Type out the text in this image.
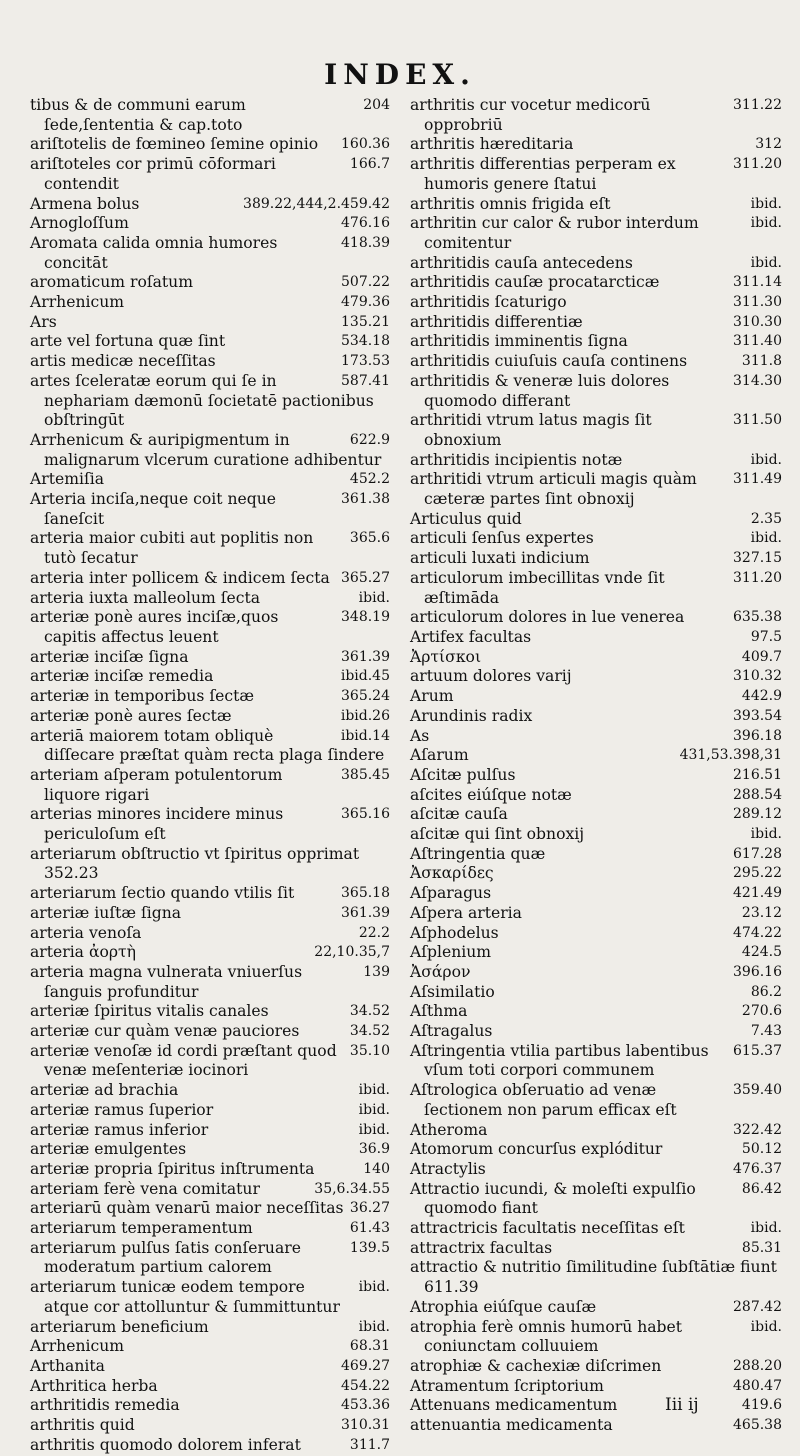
INDEX.
204
tibus & de communi earum ſede,ſententia & cap.toto
160.36
ariſtotelis de fœmineo ſemine opinio
166.7
ariſtoteles cor primū cōformari contendit
389.22,444,2.459.42
Armena bolus
476.16
Arnogloſſum
418.39
Aromata calida omnia humores concitāt
507.22
aromaticum roſatum
479.36
Arrhenicum
135.21
Ars
534.18
arte vel fortuna quæ ſint
173.53
artis medicæ neceſſitas
587.41
artes ſceleratæ eorum qui ſe in nephariam dæmonū ſocietatē pactionibus obſtringūt
622.9
Arrhenicum & auripigmentum in malignarum vlcerum curatione adhibentur
452.2
Artemiſia
361.38
Arteria inciſa,neque coit neque ſaneſcit
365.6
arteria maior cubiti aut poplitis non tutò ſecatur
365.27
arteria inter pollicem & indicem ſecta
ibid.
arteria iuxta malleolum ſecta
348.19
arteriæ ponè aures inciſæ,quos capitis affectus leuent
361.39
arteriæ inciſæ ſigna
ibid.45
arteriæ inciſæ remedia
365.24
arteriæ in temporibus ſectæ
ibid.26
arteriæ ponè aures ſectæ
ibid.14
arteriā maiorem totam obliquè diſſecare præſtat quàm recta plaga ſindere
385.45
arteriam aſperam potulentorum liquore rigari
365.16
arterias minores incidere minus periculoſum eſt
arteriarum obſtructio vt ſpiritus opprimat 352.23
365.18
arteriarum ſectio quando vtilis ſit
361.39
arteriæ iuſtæ ſigna
22.2
arteria venoſa
22,10.35,7
arteria ἀορτὴ
139
arteria magna vulnerata vniuerſus ſanguis profunditur
34.52
arteriæ ſpiritus vitalis canales
34.52
arteriæ cur quàm venæ pauciores
35.10
arteriæ venoſæ id cordi præſtant quod venæ meſenteriæ iocinori
ibid.
arteriæ ad brachia
ibid.
arteriæ ramus ſuperior
ibid.
arteriæ ramus inferior
36.9
arteriæ emulgentes
140
arteriæ propria ſpiritus inſtrumenta
35,6.34.55
arteriam ferè vena comitatur
36.27
arteriarū quàm venarū maior neceſſitas
61.43
arteriarum temperamentum
139.5
arteriarum pulſus ſatis conſeruare moderatum partium calorem
ibid.
arteriarum tunicæ eodem tempore atque cor attolluntur & ſummittuntur
ibid.
arteriarum beneficium
68.31
Arrhenicum
469.27
Arthanita
454.22
Arthritica herba
453.36
arthritidis remedia
310.31
arthritis quid
311.7
arthritis quomodo dolorem inferat
311.22
arthritis cur vocetur medicorū opprobriū
312
arthritis hæreditaria
311.20
arthritis differentias perperam ex humoris genere ſtatui
ibid.
arthritis omnis frigida eſt
ibid.
arthritin cur calor & rubor interdum comitentur
ibid.
arthritidis cauſa antecedens
311.14
arthritidis cauſæ procatarcticæ
311.30
arthritidis ſcaturigo
310.30
arthritidis differentiæ
311.40
arthritidis imminentis ſigna
311.8
arthritidis cuiuſuis cauſa continens
314.30
arthritidis & veneræ luis dolores quomodo differant
311.50
arthritidi vtrum latus magis ſit obnoxium
ibid.
arthritidis incipientis notæ
311.49
arthritidi vtrum articuli magis quàm cæteræ partes ſint obnoxij
2.35
Articulus quid
ibid.
articuli ſenſus expertes
327.15
articuli luxati indicium
311.20
articulorum imbecillitas vnde ſit æſtimāda
635.38
articulorum dolores in lue venerea
97.5
Artifex facultas
409.7
Ἀρτίσκοι
310.32
artuum dolores varij
442.9
Arum
393.54
Arundinis radix
396.18
As
431,53.398,31
Aſarum
216.51
Aſcitæ pulſus
288.54
aſcites eiúſque notæ
289.12
aſcitæ cauſa
ibid.
aſcitæ qui ſint obnoxij
617.28
Aſtringentia quæ
295.22
Ἀσκαρίδες
421.49
Aſparagus
23.12
Aſpera arteria
474.22
Aſphodelus
424.5
Aſplenium
396.16
Ἀσάρον
86.2
Aſsimilatio
270.6
Aſthma
7.43
Aſtragalus
615.37
Aſtringentia vtilia partibus labentibus vſum toti corpori communem
359.40
Aſtrologica obſeruatio ad venæ ſectionem non parum efficax eſt
322.42
Atheroma
50.12
Atomorum concurſus explóditur
476.37
Atractylis
86.42
Attractio iucundi, & moleſti expulſio quomodo fiant
ibid.
attractricis facultatis neceſſitas eſt
85.31
attractrix facultas
attractio & nutritio ſimilitudine ſubſtātiæ fiunt 611.39
287.42
Atrophia eiúſque cauſæ
ibid.
atrophia ferè omnis humorū habet coniunctam colluuiem
288.20
atrophiæ & cachexiæ diſcrimen
480.47
Atramentum ſcriptorium
419.6
Attenuans medicamentum
465.38
attenuantia medicamenta
Iii ij
